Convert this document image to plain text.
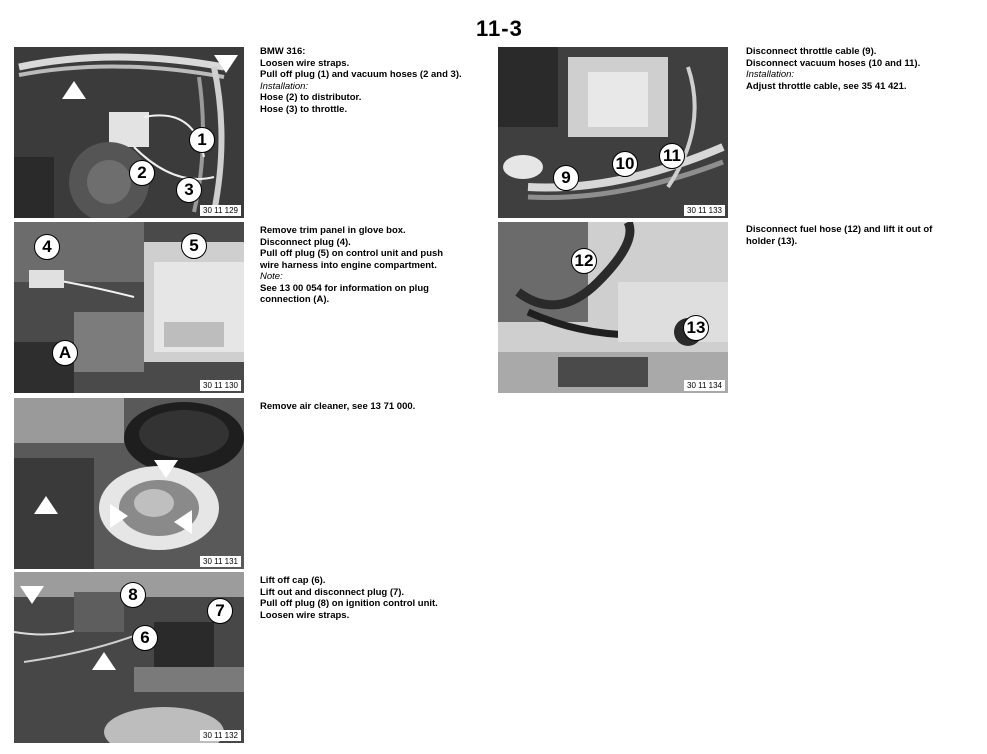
11-3
1
2
3
30 11 129
BMW 316:
Loosen wire straps.
Pull off plug (1) and vacuum hoses (2 and 3).
Installation:
Hose (2) to distributor.
Hose (3) to throttle.
4	5
A
30 11 130
Remove trim panel in glove box.
Disconnect plug (4).
Pull off plug (5) on control unit and push
wire harness into engine compartment.
Note:
See 13 00 054 for information on plug
connection (A).
30 11 131
Remove air cleaner, see 13 71 000.
8
7
6
30 11 132
Lift off cap (6).
Lift out and disconnect plug (7).
Pull off plug (8) on ignition control unit.
Loosen wire straps.
9
10 11
30 11 133
Disconnect throttle cable (9).
Disconnect vacuum hoses (10 and 11).
Installation:
Adjust throttle cable, see 35 41 421.
12
13
30 11 134
Disconnect fuel hose (12) and lift it out of
holder (13).
